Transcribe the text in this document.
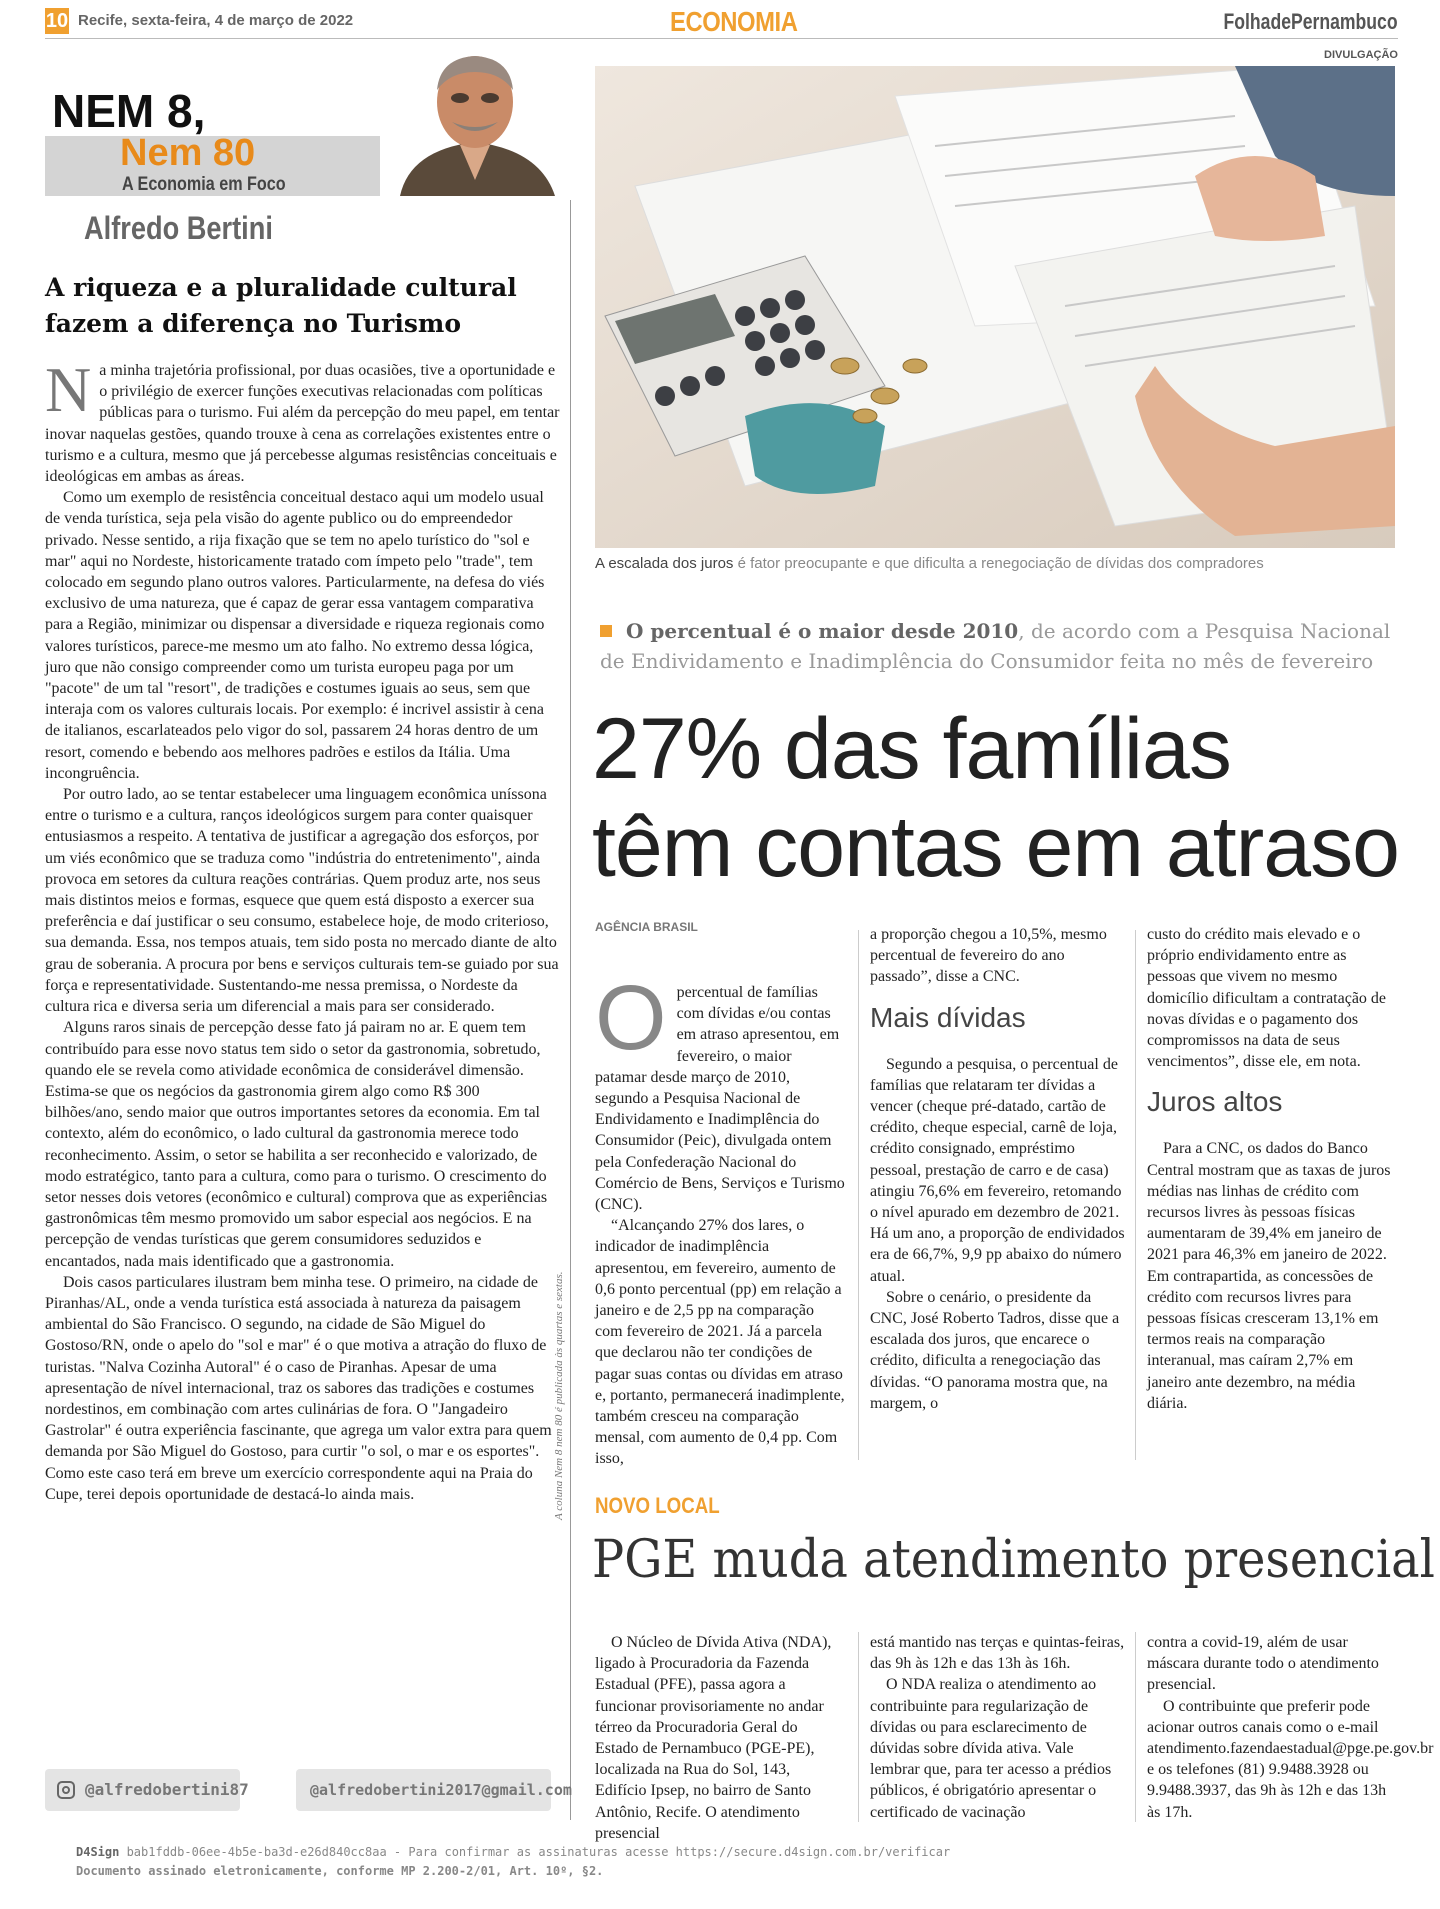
10 Recife, sexta-feira, 4 de março de 2022	ECONOMIA	FolhadePernambuco
NEM 8,
Nem 80
A Economia em Foco
Alfredo Bertini
A riqueza e a pluralidade cultural fazem a diferença no Turismo

Na minha trajetória profissional, por duas ocasiões, tive a oportunidade e o privilégio de exercer funções executivas relacionadas com políticas públicas para o turismo. Fui além da percepção do meu papel, em tentar inovar naquelas gestões, quando trouxe à cena as correlações existentes entre o turismo e a cultura, mesmo que já percebesse algumas resistências conceituais e ideológicas em ambas as áreas.

Como um exemplo de resistência conceitual destaco aqui um modelo usual de venda turística, seja pela visão do agente publico ou do empreendedor privado. Nesse sentido, a rija fixação que se tem no apelo turístico do "sol e mar" aqui no Nordeste, historicamente tratado com ímpeto pelo "trade", tem colocado em segundo plano outros valores. Particularmente, na defesa do viés exclusivo de uma natureza, que é capaz de gerar essa vantagem comparativa para a Região, minimizar ou dispensar a diversidade e riqueza regionais como valores turísticos, parece-me mesmo um ato falho. No extremo dessa lógica, juro que não consigo compreender como um turista europeu paga por um "pacote" de um tal "resort", de tradições e costumes iguais ao seus, sem que interaja com os valores culturais locais. Por exemplo: é incrivel assistir à cena de italianos, escarlateados pelo vigor do sol, passarem 24 horas dentro de um resort, comendo e bebendo aos melhores padrões e estilos da Itália. Uma incongruência.

Por outro lado, ao se tentar estabelecer uma linguagem econômica uníssona entre o turismo e a cultura, ranços ideológicos surgem para conter quaisquer entusiasmos a respeito. A tentativa de justificar a agregação dos esforços, por um viés econômico que se traduza como "indústria do entretenimento", ainda provoca em setores da cultura reações contrárias. Quem produz arte, nos seus mais distintos meios e formas, esquece que quem está disposto a exercer sua preferência e daí justificar o seu consumo, estabelece hoje, de modo criterioso, sua demanda. Essa, nos tempos atuais, tem sido posta no mercado diante de alto grau de soberania. A procura por bens e serviços culturais tem-se guiado por sua força e representatividade. Sustentando-me nessa premissa, o Nordeste da cultura rica e diversa seria um diferencial a mais para ser considerado.

Alguns raros sinais de percepção desse fato já pairam no ar. E quem tem contribuído para esse novo status tem sido o setor da gastronomia, sobretudo, quando ele se revela como atividade econômica de considerável dimensão. Estima-se que os negócios da gastronomia girem algo como R$ 300 bilhões/ano, sendo maior que outros importantes setores da economia. Em tal contexto, além do econômico, o lado cultural da gastronomia merece todo reconhecimento. Assim, o setor se habilita a ser reconhecido e valorizado, de modo estratégico, tanto para a cultura, como para o turismo. O crescimento do setor nesses dois vetores (econômico e cultural) comprova que as experiências gastronômicas têm mesmo promovido um sabor especial aos negócios. E na percepção de vendas turísticas que gerem consumidores seduzidos e encantados, nada mais identificado que a gastronomia.

Dois casos particulares ilustram bem minha tese. O primeiro, na cidade de Piranhas/AL, onde a venda turística está associada à natureza da paisagem ambiental do São Francisco. O segundo, na cidade de São Miguel do Gostoso/RN, onde o apelo do "sol e mar" é o que motiva a atração do fluxo de turistas. "Nalva Cozinha Autoral" é o caso de Piranhas. Apesar de uma apresentação de nível internacional, traz os sabores das tradições e costumes nordestinos, em combinação com artes culinárias de fora. O "Jangadeiro Gastrolar" é outra experiência fascinante, que agrega um valor extra para quem demanda por São Miguel do Gostoso, para curtir "o sol, o mar e os esportes". Como este caso terá em breve um exercício correspondente aqui na Praia do Cupe, terei depois oportunidade de destacá-lo ainda mais.	A coluna Nem 8 nem 80 é publicada às quartas e sextas.
@alfredobertini87	@alfredobertini2017@gmail.com
DIVULGAÇÃO
A escalada dos juros é fator preocupante e que dificulta a renegociação de dívidas dos compradores
O percentual é o maior desde 2010, de acordo com a Pesquisa Nacional de Endividamento e Inadimplência do Consumidor feita no mês de fevereiro
27% das famílias
têm contas em atraso
AGÊNCIA BRASIL

Opercentual de famílias com dívidas e/ou contas em atraso apresentou, em fevereiro, o maior patamar desde março de 2010, segundo a Pesquisa Nacional de Endividamento e Inadimplência do Consumidor (Peic), divulgada ontem pela Confederação Nacional do Comércio de Bens, Serviços e Turismo (CNC).

“Alcançando 27% dos lares, o indicador de inadimplência apresentou, em fevereiro, aumento de 0,6 ponto percentual (pp) em relação a janeiro e de 2,5 pp na comparação com fevereiro de 2021. Já a parcela que declarou não ter condições de pagar suas contas ou dívidas em atraso e, portanto, permanecerá inadimplente, também cresceu na comparação mensal, com aumento de 0,4 pp. Com isso,

a proporção chegou a 10,5%, mesmo percentual de fevereiro do ano passado”, disse a CNC.

Mais dívidas

Segundo a pesquisa, o percentual de famílias que relataram ter dívidas a vencer (cheque pré-datado, cartão de crédito, cheque especial, carnê de loja, crédito consignado, empréstimo pessoal, prestação de carro e de casa) atingiu 76,6% em fevereiro, retomando o nível apurado em dezembro de 2021. Há um ano, a proporção de endividados era de 66,7%, 9,9 pp abaixo do número atual.

Sobre o cenário, o presidente da CNC, José Roberto Tadros, disse que a escalada dos juros, que encarece o crédito, dificulta a renegociação das dívidas. “O panorama mostra que, na margem, o

custo do crédito mais elevado e o próprio endividamento entre as pessoas que vivem no mesmo domicílio dificultam a contratação de novas dívidas e o pagamento dos compromissos na data de seus vencimentos”, disse ele, em nota.

Juros altos

Para a CNC, os dados do Banco Central mostram que as taxas de juros médias nas linhas de crédito com recursos livres às pessoas físicas aumentaram de 39,4% em janeiro de 2021 para 46,3% em janeiro de 2022. Em contrapartida, as concessões de crédito com recursos livres para pessoas físicas cresceram 13,1% em termos reais na comparação interanual, mas caíram 2,7% em janeiro ante dezembro, na média diária.

NOVO LOCAL
PGE muda atendimento presencial

O Núcleo de Dívida Ativa (NDA), ligado à Procuradoria da Fazenda Estadual (PFE), passa agora a funcionar provisoriamente no andar térreo da Procuradoria Geral do Estado de Pernambuco (PGE-PE), localizada na Rua do Sol, 143, Edifício Ipsep, no bairro de Santo Antônio, Recife. O atendimento presencial

está mantido nas terças e quintas-feiras, das 9h às 12h e das 13h às 16h.

O NDA realiza o atendimento ao contribuinte para regularização de dívidas ou para esclarecimento de dúvidas sobre dívida ativa. Vale lembrar que, para ter acesso a prédios públicos, é obrigatório apresentar o certificado de vacinação

contra a covid-19, além de usar máscara durante todo o atendimento presencial.

O contribuinte que preferir pode acionar outros canais como o e-mail atendimento.fazendaestadual@pge.pe.gov.br e os telefones (81) 9.9488.3928 ou 9.9488.3937, das 9h às 12h e das 13h às 17h.

D4Sign bab1fddb-06ee-4b5e-ba3d-e26d840cc8aa - Para confirmar as assinaturas acesse https://secure.d4sign.com.br/verificar
Documento assinado eletronicamente, conforme MP 2.200-2/01, Art. 10º, §2.
